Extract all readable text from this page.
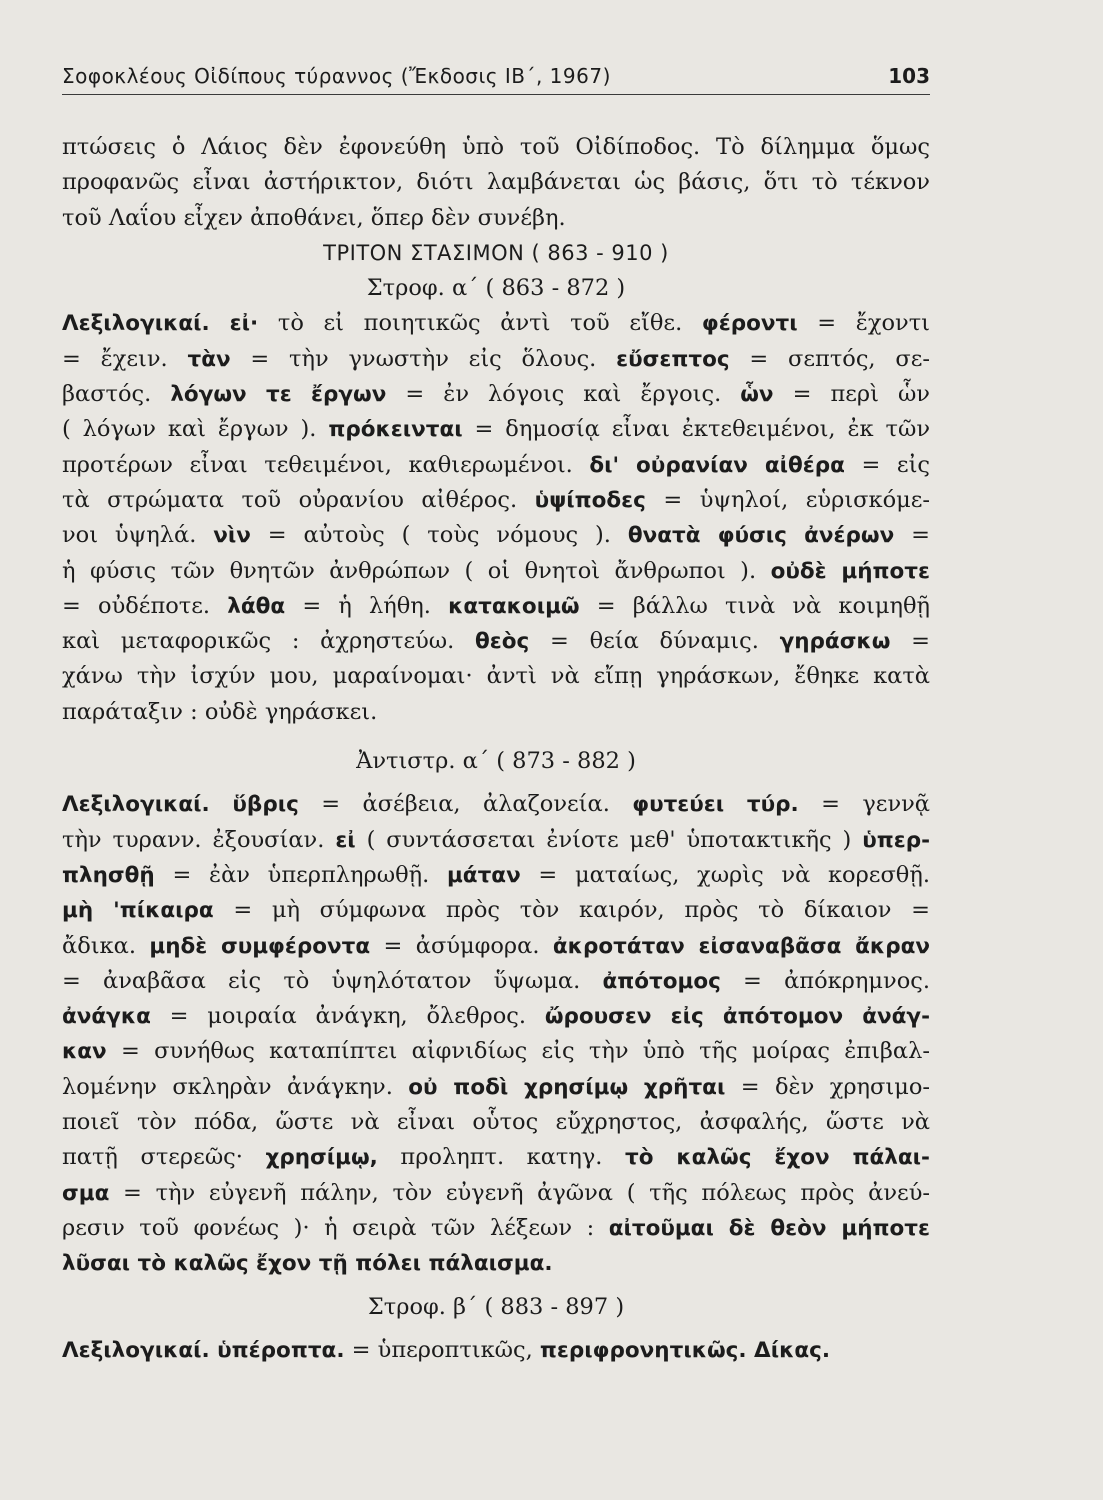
Σοφοκλέους Οἰδίπους τύραννος (Ἔκδοσις ΙΒ΄, 1967)	103
πτώσεις ὁ Λάιος δὲν ἐφονεύθη ὑπὸ τοῦ Οἰδίποδος. Τὸ δίλημμα ὅμως
προφανῶς εἶναι ἀστήρικτον, διότι λαμβάνεται ὡς βάσις, ὅτι τὸ τέκνον
τοῦ Λαΐου εἶχεν ἀποθάνει, ὅπερ δὲν συνέβη.
ΤΡΙΤΟΝ ΣΤΑΣΙΜΟΝ ( 863 - 910 )
Στροφ. α΄ ( 863 - 872 )
Λεξιλογικαί. εἰ· τὸ εἰ ποιητικῶς ἀντὶ τοῦ εἴθε. φέροντι = ἔχοντι
= ἔχειν. τὰν = τὴν γνωστὴν εἰς ὅλους. εὔσεπτος = σεπτός, σε-
βαστός. λόγων τε ἔργων = ἐν λόγοις καὶ ἔργοις. ὧν = περὶ ὧν
( λόγων καὶ ἔργων ). πρόκεινται = δημοσίᾳ εἶναι ἐκτεθειμένοι, ἐκ τῶν
προτέρων εἶναι τεθειμένοι, καθιερωμένοι. δι' οὐρανίαν αἰθέρα = εἰς
τὰ στρώματα τοῦ οὐρανίου αἰθέρος. ὑψίποδες = ὑψηλοί, εὑρισκόμε-
νοι ὑψηλά. νὶν = αὐτοὺς ( τοὺς νόμους ). θνατὰ φύσις ἀνέρων =
ἡ φύσις τῶν θνητῶν ἀνθρώπων ( οἱ θνητοὶ ἄνθρωποι ). οὐδὲ μήποτε
= οὐδέποτε. λάθα = ἡ λήθη. κατακοιμῶ = βάλλω τινὰ νὰ κοιμηθῇ
καὶ μεταφορικῶς : ἀχρηστεύω. θεὸς = θεία δύναμις. γηράσκω =
χάνω τὴν ἰσχύν μου, μαραίνομαι· ἀντὶ νὰ εἴπῃ γηράσκων, ἔθηκε κατὰ
παράταξιν : οὐδὲ γηράσκει.
Ἀντιστρ. α΄ ( 873 - 882 )
Λεξιλογικαί. ὕβρις = ἀσέβεια, ἀλαζονεία. φυτεύει τύρ. = γεννᾷ
τὴν τυρανν. ἐξουσίαν. εἰ ( συντάσσεται ἐνίοτε μεθ' ὑποτακτικῆς ) ὑπερ-
πλησθῇ = ἐὰν ὑπερπληρωθῇ. μάταν = ματαίως, χωρὶς νὰ κορεσθῇ.
μὴ 'πίκαιρα = μὴ σύμφωνα πρὸς τὸν καιρόν, πρὸς τὸ δίκαιον =
ἄδικα. μηδὲ συμφέροντα = ἀσύμφορα. ἀκροτάταν εἰσαναβᾶσα ἄκραν
= ἀναβᾶσα εἰς τὸ ὑψηλότατον ὕψωμα. ἀπότομος = ἀπόκρημνος.
ἀνάγκα = μοιραία ἀνάγκη, ὄλεθρος. ὤρουσεν εἰς ἀπότομον ἀνάγ-
καν = συνήθως καταπίπτει αἰφνιδίως εἰς τὴν ὑπὸ τῆς μοίρας ἐπιβαλ-
λομένην σκληρὰν ἀνάγκην. οὐ ποδὶ χρησίμῳ χρῆται = δὲν χρησιμο-
ποιεῖ τὸν πόδα, ὥστε νὰ εἶναι οὗτος εὔχρηστος, ἀσφαλής, ὥστε νὰ
πατῇ στερεῶς· χρησίμῳ, προληπτ. κατηγ. τὸ καλῶς ἔχον πάλαι-
σμα = τὴν εὐγενῆ πάλην, τὸν εὐγενῆ ἀγῶνα ( τῆς πόλεως πρὸς ἀνεύ-
ρεσιν τοῦ φονέως )· ἡ σειρὰ τῶν λέξεων : αἰτοῦμαι δὲ θεὸν μήποτε
λῦσαι τὸ καλῶς ἔχον τῇ πόλει πάλαισμα.
Στροφ. β΄ ( 883 - 897 )
Λεξιλογικαί. ὑπέροπτα. = ὑπεροπτικῶς, περιφρονητικῶς. Δίκας.
